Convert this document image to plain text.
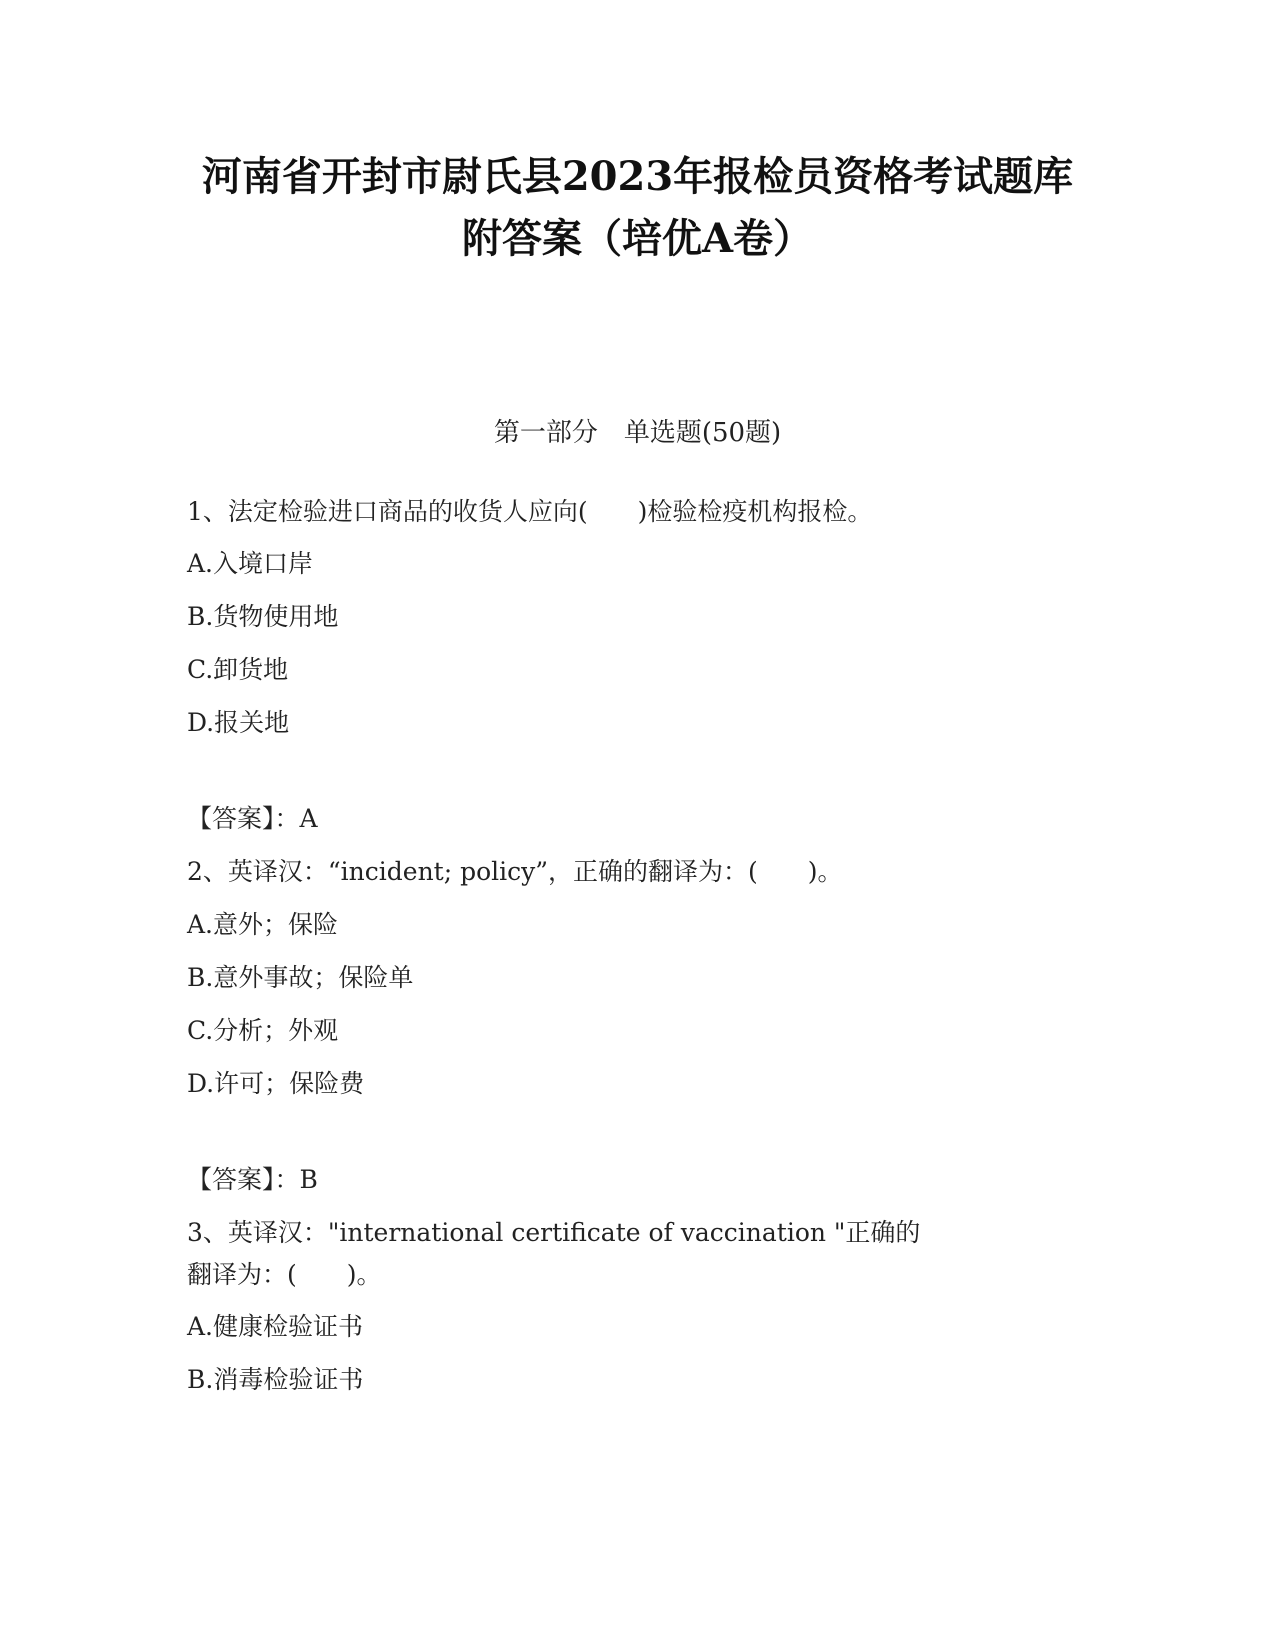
河南省开封市尉氏县2023年报检员资格考试题库
附答案（培优A卷）
第一部分　单选题(50题)
1、法定检验进口商品的收货人应向(　　)检验检疫机构报检。
A.入境口岸
B.货物使用地
C.卸货地
D.报关地
【答案】：A
2、英译汉：“incident; policy”，正确的翻译为：(　　)。
A.意外；保险
B.意外事故；保险单
C.分析；外观
D.许可；保险费
【答案】：B
3、英译汉："international certificate of vaccination "正确的
翻译为：(　　)。
A.健康检验证书
B.消毒检验证书
